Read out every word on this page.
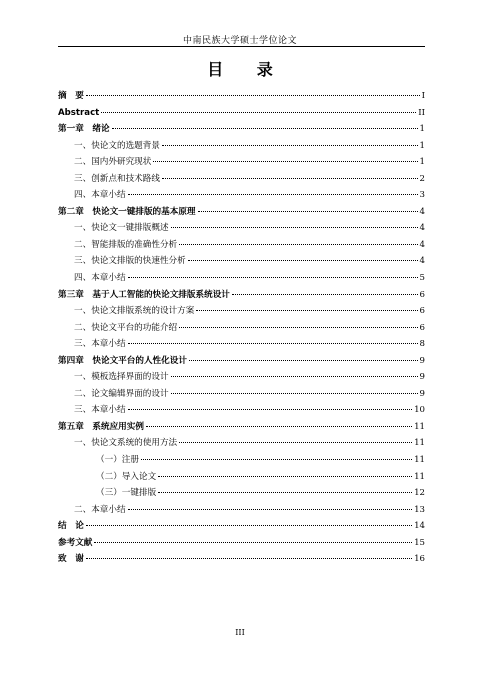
中南民族大学硕士学位论文
目 录
摘　要	I
Abstract	II
第一章　绪论	1
一、快论文的选题背景	1
二、国内外研究现状	1
三、创新点和技术路线	2
四、本章小结	3
第二章　快论文一键排版的基本原理	4
一、快论文一键排版概述	4
二、智能排版的准确性分析	4
三、快论文排版的快速性分析	4
四、本章小结	5
第三章　基于人工智能的快论文排版系统设计	6
一、快论文排版系统的设计方案	6
二、快论文平台的功能介绍	6
三、本章小结	8
第四章　快论文平台的人性化设计	9
一、模板选择界面的设计	9
二、论文编辑界面的设计	9
三、本章小结	10
第五章　系统应用实例	11
一、快论文系统的使用方法	11
（一）注册	11
（二）导入论文	11
（三）一键排版	12
二、本章小结	13
结　论	14
参考文献	15
致　谢	16
III
